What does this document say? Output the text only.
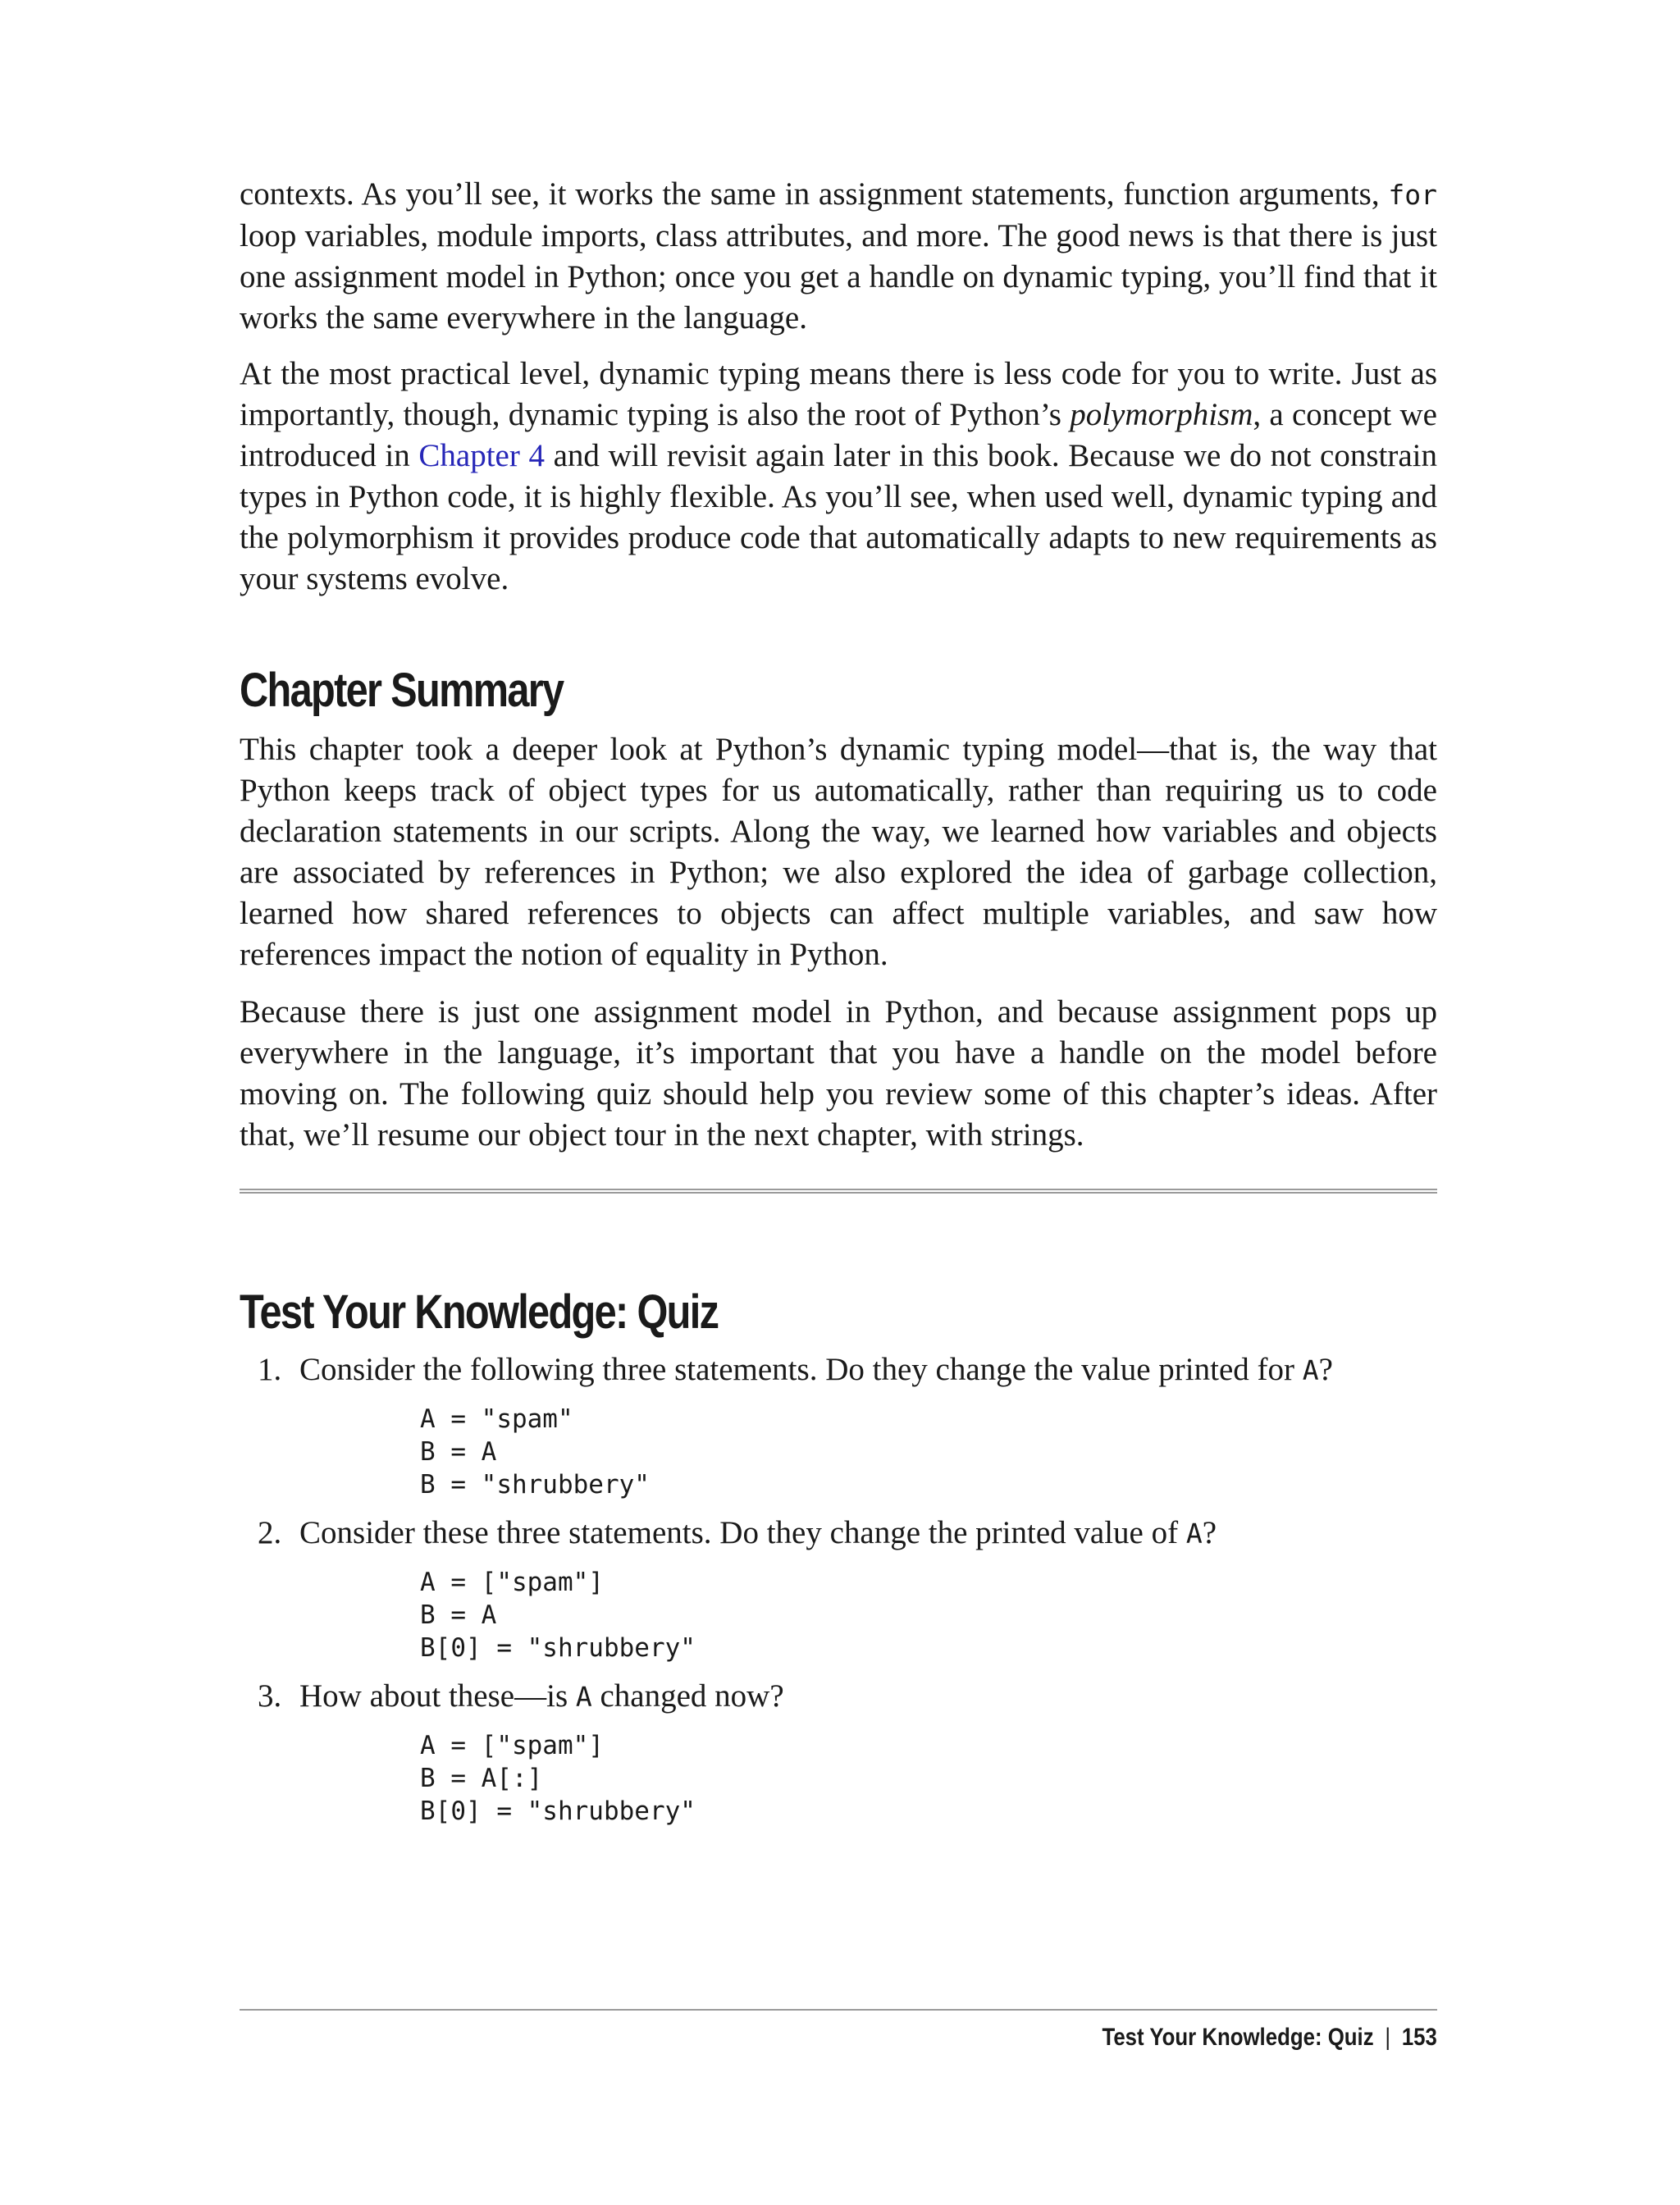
contexts. As you’ll see, it works the same in assignment statements, function arguments, for loop variables, module imports, class attributes, and more. The good news is that there is just one assignment model in Python; once you get a handle on dynamic typing, you’ll find that it works the same everywhere in the language.

At the most practical level, dynamic typing means there is less code for you to write. Just as importantly, though, dynamic typing is also the root of Python’s polymorphism, a concept we introduced in Chapter 4 and will revisit again later in this book. Because we do not constrain types in Python code, it is highly flexible. As you’ll see, when used well, dynamic typing and the polymorphism it provides produce code that automatically adapts to new requirements as your systems evolve.

Chapter Summary

This chapter took a deeper look at Python’s dynamic typing model—that is, the way that Python keeps track of object types for us automatically, rather than requiring us to code declaration statements in our scripts. Along the way, we learned how variables and objects are associated by references in Python; we also explored the idea of garbage collection, learned how shared references to objects can affect multiple variables, and saw how references impact the notion of equality in Python.

Because there is just one assignment model in Python, and because assignment pops up everywhere in the language, it’s important that you have a handle on the model before moving on. The following quiz should help you review some of this chapter’s ideas. After that, we’ll resume our object tour in the next chapter, with strings.

Test Your Knowledge: Quiz
1. Consider the following three statements. Do they change the value printed for A?

A = "spam"
B = A
B = "shrubbery"
2. Consider these three statements. Do they change the printed value of A?

A = ["spam"]
B = A
B[0] = "shrubbery"
3. How about these—is A changed now?

A = ["spam"]
B = A[:]
B[0] = "shrubbery"
Test Your Knowledge: Quiz | 153
